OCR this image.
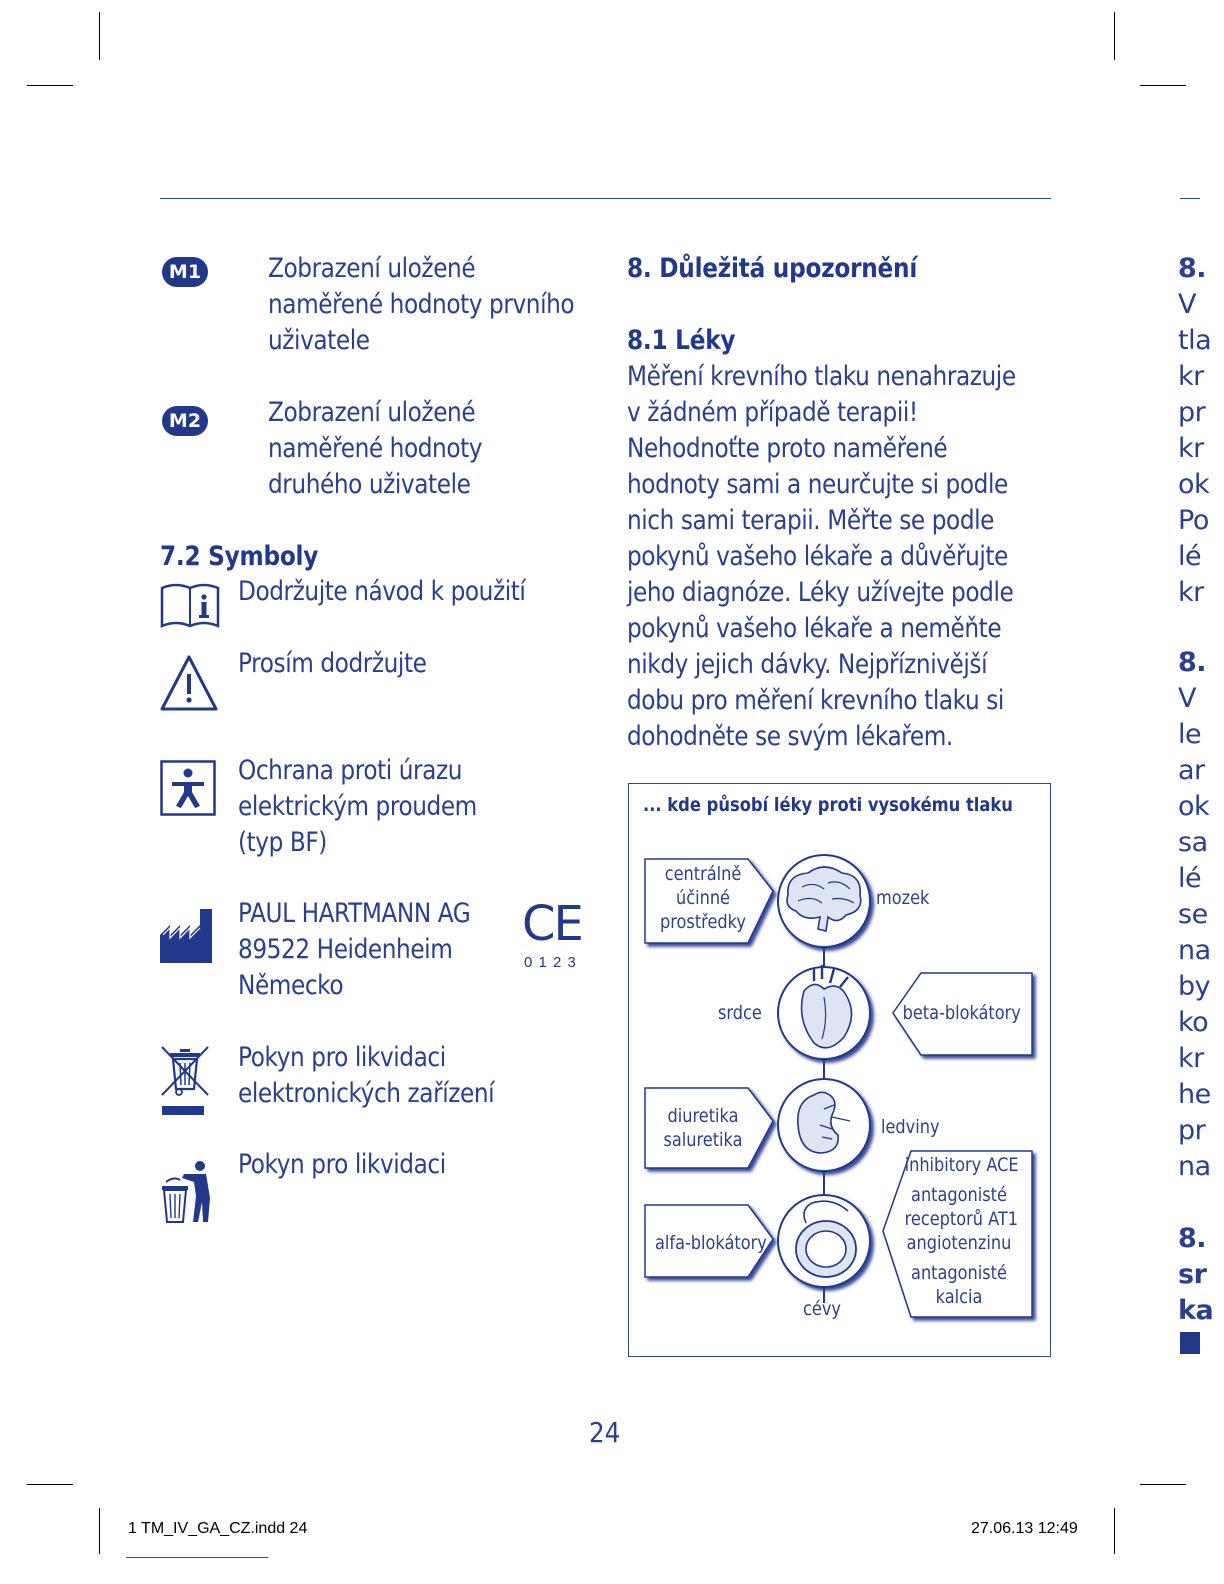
M1 Zobrazení uložené
naměřené hodnoty prvního
uživatele
M2 Zobrazení uložené
naměřené hodnoty
druhého uživatele
7.2 Symboly
Dodržujte návod k použití
Prosím dodržujte
Ochrana proti úrazu
elektrickým proudem
(typ BF)
PAUL HARTMANN AG
89522 Heidenheim
Německo
CE
0 1 2 3
Pokyn pro likvidaci
elektronických zařízení
Pokyn pro likvidaci
8. Důležitá upozornění
8.1 Léky
Měření krevního tlaku nenahrazuje
v žádném případě terapii!
Nehodnoťte proto naměřené
hodnoty sami a neurčujte si podle
nich sami terapii. Měřte se podle
pokynů vašeho lékaře a důvěřujte
jeho diagnóze. Léky užívejte podle
pokynů vašeho lékaře a neměňte
nikdy jejich dávky. Nejpříznivější
dobu pro měření krevního tlaku si
dohodněte se svým lékařem.
... kde působí léky proti vysokému tlaku
centrálně
účinné
prostředky
diuretika
saluretika
alfa-blokátory
beta-blokátory
inhibitory ACE
antagonisté
receptorů AT1
angiotenzinu
antagonisté
kalcia
mozek
srdce
ledviny
cévy
8.
V
tla
kr
pr
kr
ok
Po
lé
kr
8.
V
le
ar
ok
sa
lé
se
na
by
ko
kr
he
pr
na
8.
sr
ka
24
1 TM_IV_GA_CZ.indd 24	27.06.13 12:49
